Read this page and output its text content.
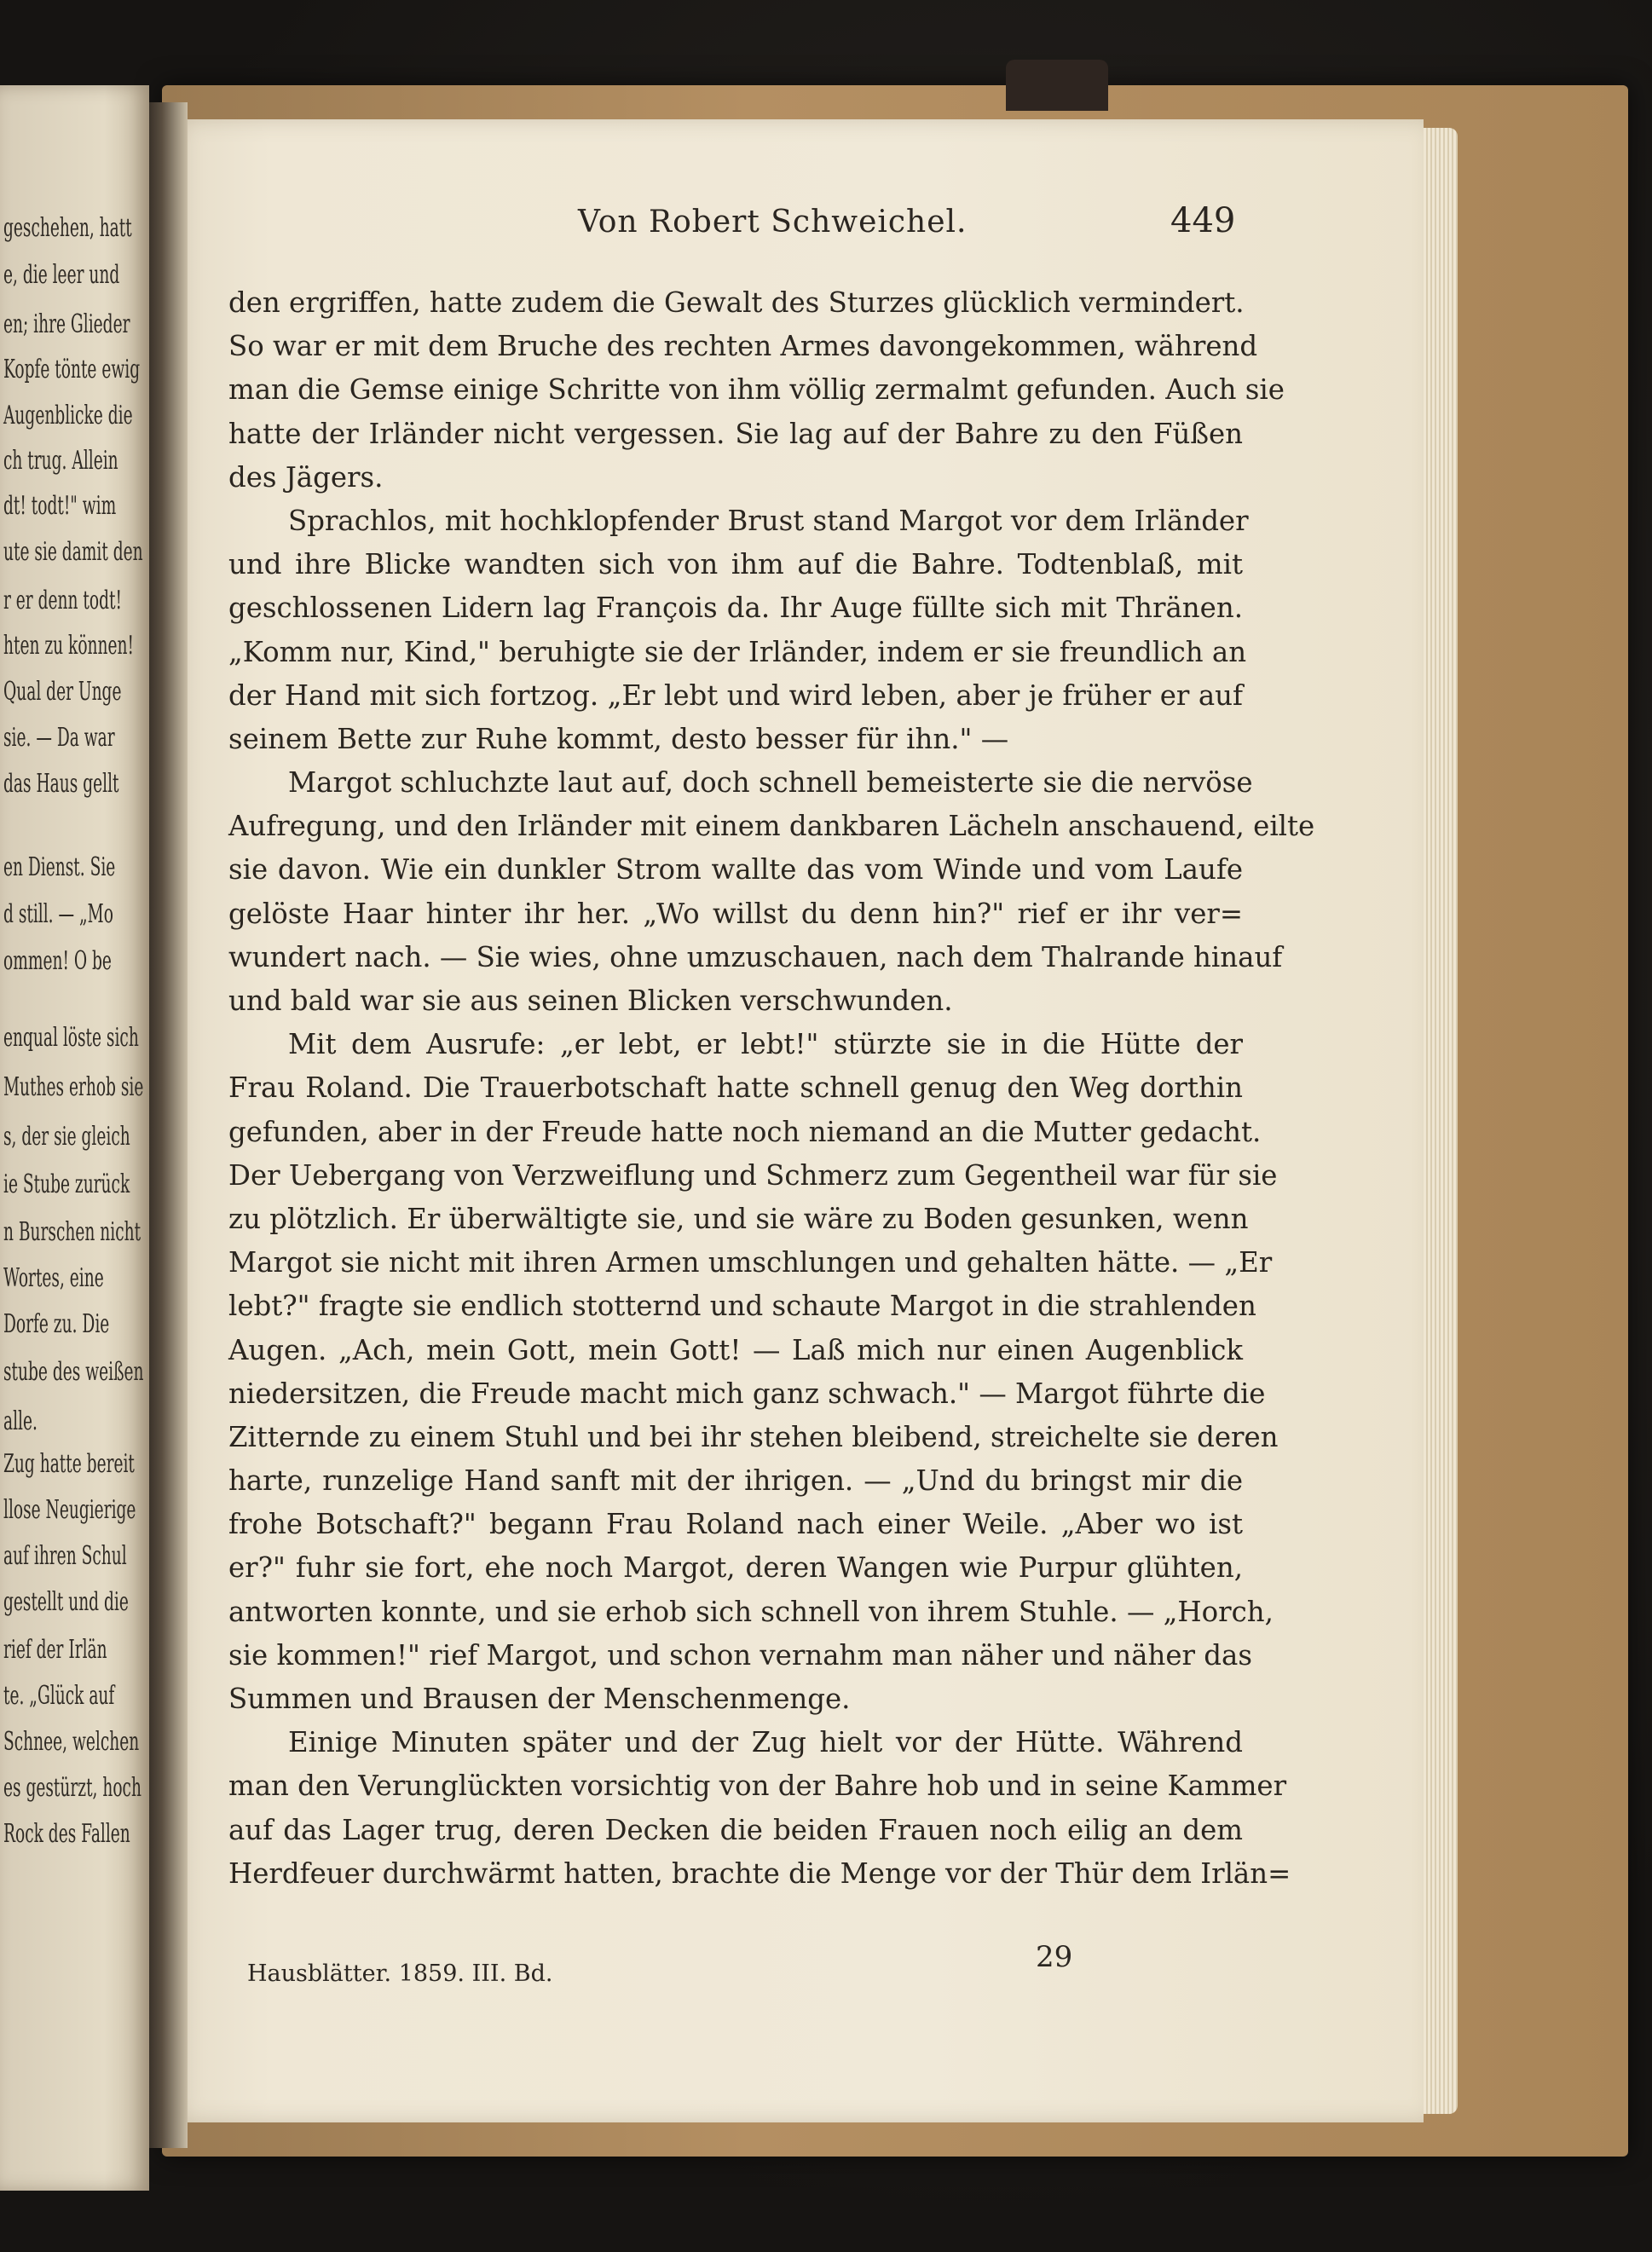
geschehen, hatt
e, die leer und
en; ihre Glieder
Kopfe tönte ewig
Augenblicke die
ch trug. Allein
dt! todt!" wim
ute sie damit den
r er denn todt!
hten zu können!
Qual der Unge
sie. — Da war
das Haus gellt
en Dienst. Sie
d still. — „Mo
ommen! O be
enqual löste sich
Muthes erhob sie
s, der sie gleich
ie Stube zurück
n Burschen nicht
Wortes, eine
Dorfe zu. Die
stube des weißen
alle.
Zug hatte bereit
llose Neugierige
auf ihren Schul
gestellt und die
rief der Irlän
te. „Glück auf
Schnee, welchen
es gestürzt, hoch
Rock des Fallen
Von Robert Schweichel.	449
den ergriffen, hatte zudem die Gewalt des Sturzes glücklich vermindert.
So war er mit dem Bruche des rechten Armes davongekommen, während
man die Gemse einige Schritte von ihm völlig zermalmt gefunden. Auch sie
hatte der Irländer nicht vergessen. Sie lag auf der Bahre zu den Füßen
des Jägers.
Sprachlos, mit hochklopfender Brust stand Margot vor dem Irländer
und ihre Blicke wandten sich von ihm auf die Bahre. Todtenblaß, mit
geschlossenen Lidern lag François da. Ihr Auge füllte sich mit Thränen.
„Komm nur, Kind," beruhigte sie der Irländer, indem er sie freundlich an
der Hand mit sich fortzog. „Er lebt und wird leben, aber je früher er auf
seinem Bette zur Ruhe kommt, desto besser für ihn." —
Margot schluchzte laut auf, doch schnell bemeisterte sie die nervöse
Aufregung, und den Irländer mit einem dankbaren Lächeln anschauend, eilte
sie davon. Wie ein dunkler Strom wallte das vom Winde und vom Laufe
gelöste Haar hinter ihr her. „Wo willst du denn hin?" rief er ihr ver=
wundert nach. — Sie wies, ohne umzuschauen, nach dem Thalrande hinauf
und bald war sie aus seinen Blicken verschwunden.
Mit dem Ausrufe: „er lebt, er lebt!" stürzte sie in die Hütte der
Frau Roland. Die Trauerbotschaft hatte schnell genug den Weg dorthin
gefunden, aber in der Freude hatte noch niemand an die Mutter gedacht.
Der Uebergang von Verzweiflung und Schmerz zum Gegentheil war für sie
zu plötzlich. Er überwältigte sie, und sie wäre zu Boden gesunken, wenn
Margot sie nicht mit ihren Armen umschlungen und gehalten hätte. — „Er
lebt?" fragte sie endlich stotternd und schaute Margot in die strahlenden
Augen. „Ach, mein Gott, mein Gott! — Laß mich nur einen Augenblick
niedersitzen, die Freude macht mich ganz schwach." — Margot führte die
Zitternde zu einem Stuhl und bei ihr stehen bleibend, streichelte sie deren
harte, runzelige Hand sanft mit der ihrigen. — „Und du bringst mir die
frohe Botschaft?" begann Frau Roland nach einer Weile. „Aber wo ist
er?" fuhr sie fort, ehe noch Margot, deren Wangen wie Purpur glühten,
antworten konnte, und sie erhob sich schnell von ihrem Stuhle. — „Horch,
sie kommen!" rief Margot, und schon vernahm man näher und näher das
Summen und Brausen der Menschenmenge.
Einige Minuten später und der Zug hielt vor der Hütte. Während
man den Verunglückten vorsichtig von der Bahre hob und in seine Kammer
auf das Lager trug, deren Decken die beiden Frauen noch eilig an dem
Herdfeuer durchwärmt hatten, brachte die Menge vor der Thür dem Irlän=
Hausblätter. 1859. III. Bd.	29
